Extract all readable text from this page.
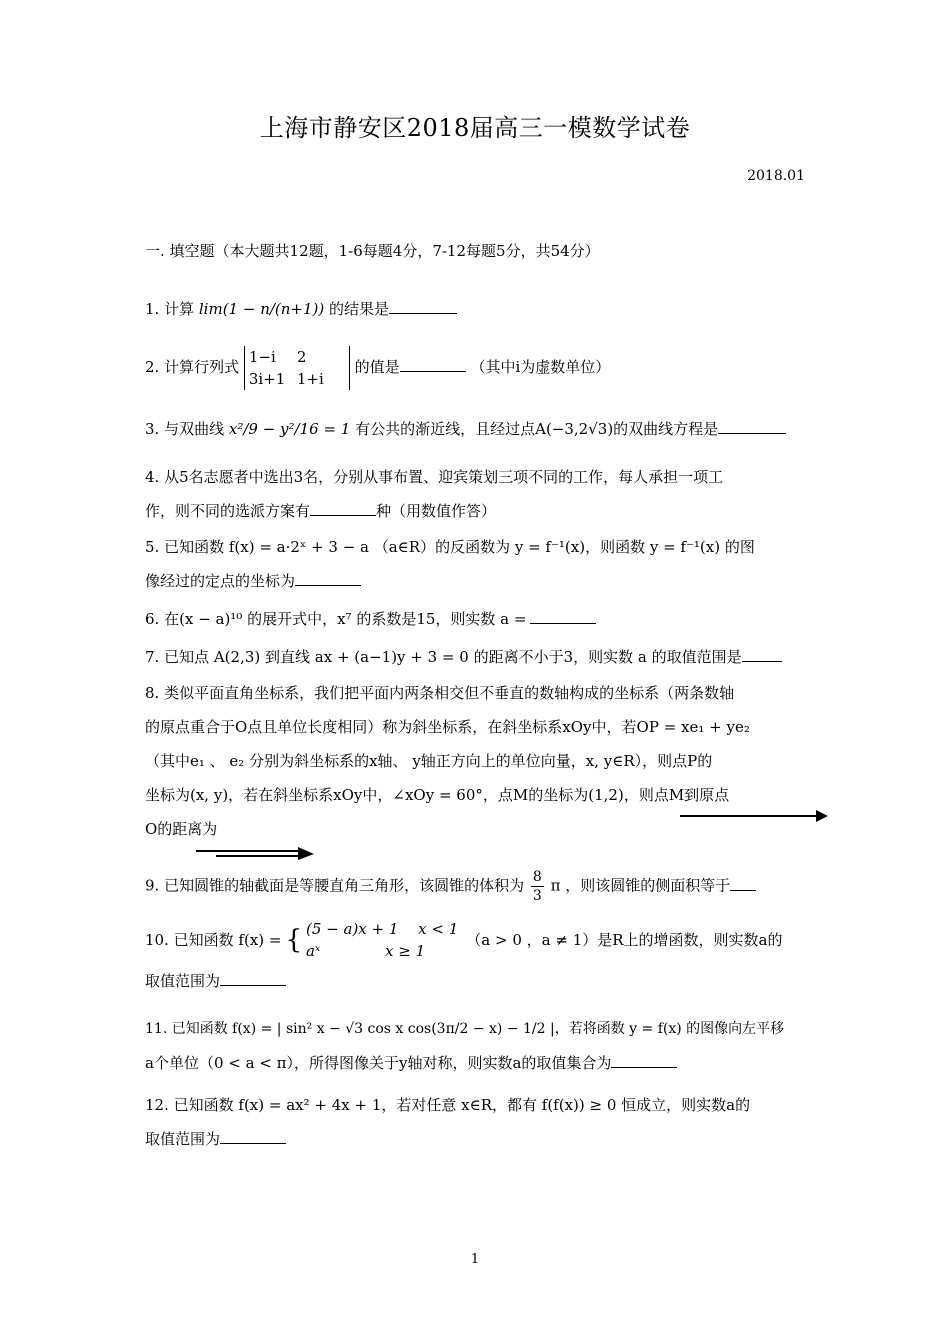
上海市静安区2018届高三一模数学试卷
2018.01
一. 填空题（本大题共12题，1-6每题4分，7-12每题5分，共54分）
1. 计算 lim(1 − n/(n+1)) 的结果是
2. 计算行列式
1−i 2
3i+1 1+i
的值是	（其中i为虚数单位）
3. 与双曲线 x²/9 − y²/16 = 1 有公共的渐近线，且经过点A(−3,2√3)的双曲线方程是
4. 从5名志愿者中选出3名，分别从事布置、迎宾策划三项不同的工作，每人承担一项工
作，则不同的选派方案有	种（用数值作答）
5. 已知函数 f(x) = a·2ˣ + 3 − a （a∈R）的反函数为 y = f⁻¹(x)，则函数 y = f⁻¹(x) 的图
像经过的定点的坐标为
6. 在(x − a)¹⁰ 的展开式中，x⁷ 的系数是15，则实数 a =
7. 已知点 A(2,3) 到直线 ax + (a−1)y + 3 = 0 的距离不小于3，则实数 a 的取值范围是
8. 类似平面直角坐标系，我们把平面内两条相交但不垂直的数轴构成的坐标系（两条数轴
的原点重合于O点且单位长度相同）称为斜坐标系，在斜坐标系xOy中，若OP = xe₁ + ye₂
（其中e₁ 、 e₂ 分别为斜坐标系的x轴、 y轴正方向上的单位向量，x, y∈R），则点P的
坐标为(x, y)，若在斜坐标系xOy中，∠xOy = 60°，点M的坐标为(1,2)，则点M到原点
O的距离为
9. 已知圆锥的轴截面是等腰直角三角形，该圆锥的体积为 $\frac{8}{3}$ π ，则该圆锥的侧面积等于
10. 已知函数 f(x) = { (5 − a)x + 1　 x < 1
aˣ　　　　 x ≥ 1
（a > 0 ，a ≠ 1）是R上的增函数，则实数a的
取值范围为
11. 已知函数 f(x) = | sin² x − √3 cos x cos(3π/2 − x) − 1/2 |，若将函数 y = f(x) 的图像向左平移
a个单位（0 < a < π），所得图像关于y轴对称，则实数a的取值集合为
12. 已知函数 f(x) = ax² + 4x + 1，若对任意 x∈R，都有 f(f(x)) ≥ 0 恒成立，则实数a的
取值范围为
1
